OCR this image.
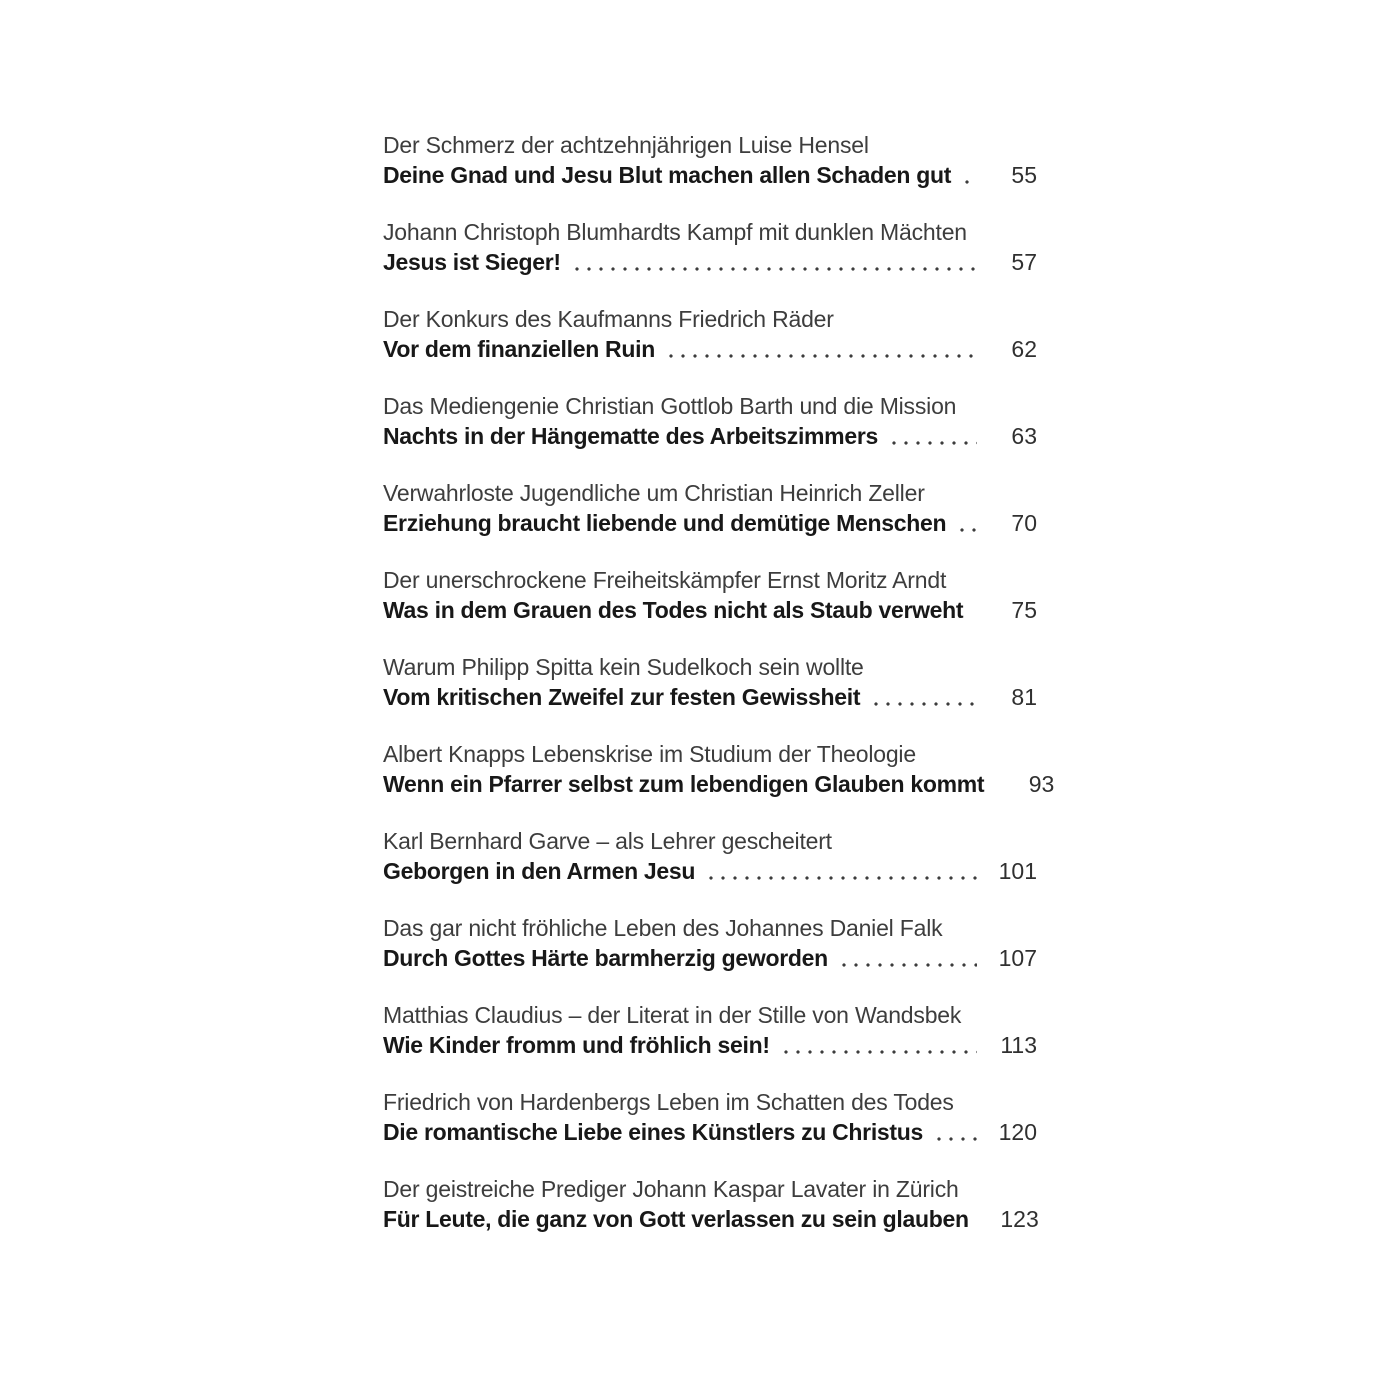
Der Schmerz der achtzehnjährigen Luise Hensel
Deine Gnad und Jesu Blut machen allen Schaden gut	55
Johann Christoph Blumhardts Kampf mit dunklen Mächten
Jesus ist Sieger!	57
Der Konkurs des Kaufmanns Friedrich Räder
Vor dem finanziellen Ruin	62
Das Mediengenie Christian Gottlob Barth und die Mission
Nachts in der Hängematte des Arbeitszimmers	63
Verwahrloste Jugendliche um Christian Heinrich Zeller
Erziehung braucht liebende und demütige Menschen	70
Der unerschrockene Freiheitskämpfer Ernst Moritz Arndt
Was in dem Grauen des Todes nicht als Staub verweht	75
Warum Philipp Spitta kein Sudelkoch sein wollte
Vom kritischen Zweifel zur festen Gewissheit	81
Albert Knapps Lebenskrise im Studium der Theologie
Wenn ein Pfarrer selbst zum lebendigen Glauben kommt	93
Karl Bernhard Garve – als Lehrer gescheitert
Geborgen in den Armen Jesu	101
Das gar nicht fröhliche Leben des Johannes Daniel Falk
Durch Gottes Härte barmherzig geworden	107
Matthias Claudius – der Literat in der Stille von Wandsbek
Wie Kinder fromm und fröhlich sein!	113
Friedrich von Hardenbergs Leben im Schatten des Todes
Die romantische Liebe eines Künstlers zu Christus	120
Der geistreiche Prediger Johann Kaspar Lavater in Zürich
Für Leute, die ganz von Gott verlassen zu sein glauben	123
